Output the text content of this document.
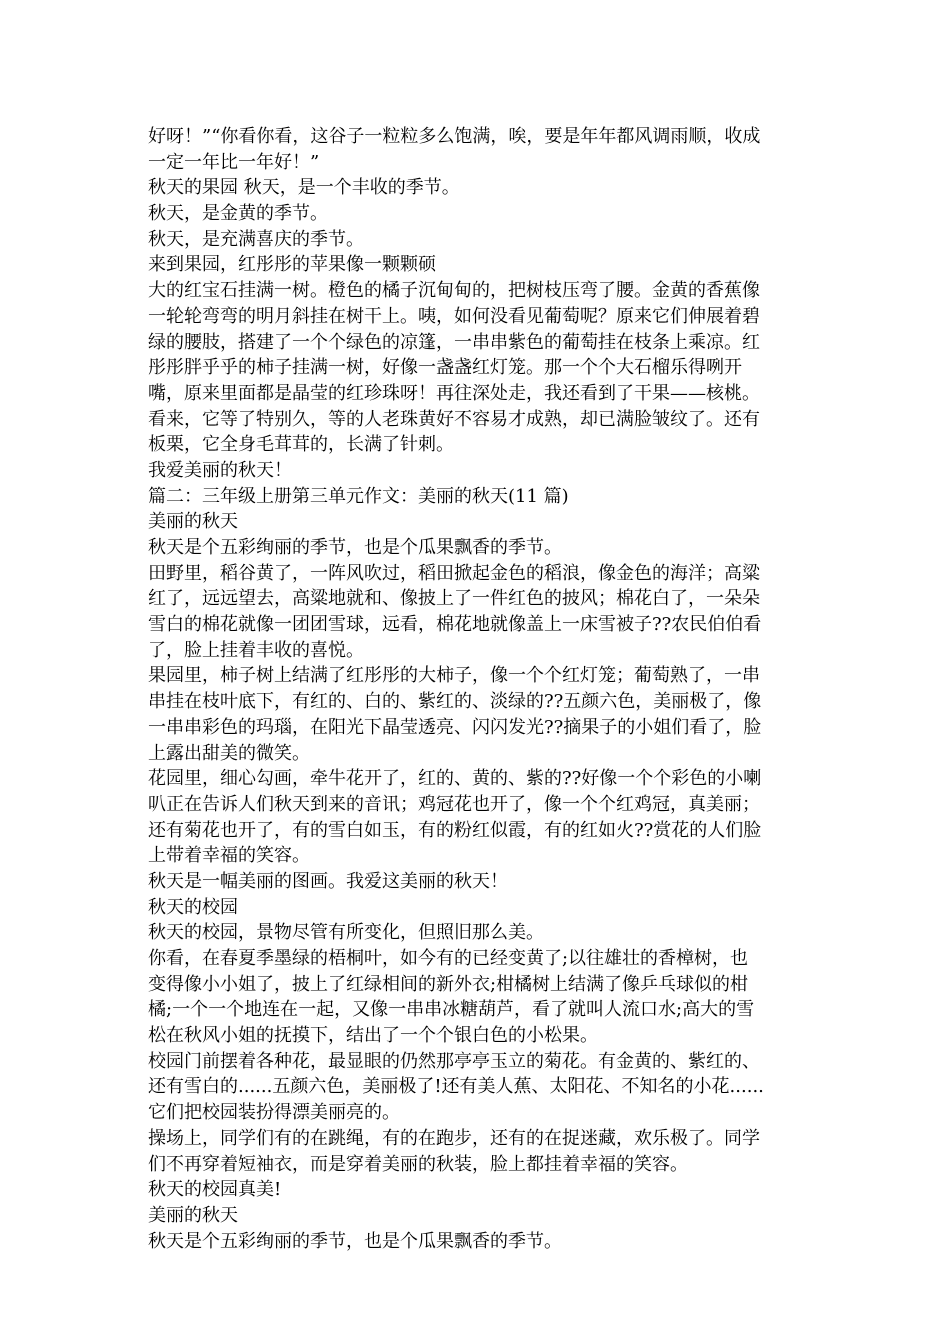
好呀！”“你看你看，这谷子一粒粒多么饱满，唉，要是年年都风调雨顺，收成
一定一年比一年好！”
秋天的果园 秋天，是一个丰收的季节。
秋天，是金黄的季节。
秋天，是充满喜庆的季节。
来到果园，红彤彤的苹果像一颗颗硕
大的红宝石挂满一树。橙色的橘子沉甸甸的，把树枝压弯了腰。金黄的香蕉像
一轮轮弯弯的明月斜挂在树干上。咦，如何没看见葡萄呢？原来它们伸展着碧
绿的腰肢，搭建了一个个绿色的凉篷，一串串紫色的葡萄挂在枝条上乘凉。红
彤彤胖乎乎的柿子挂满一树，好像一盏盏红灯笼。那一个个大石榴乐得咧开
嘴，原来里面都是晶莹的红珍珠呀！再往深处走，我还看到了干果——核桃。
看来，它等了特别久，等的人老珠黄好不容易才成熟，却已满脸皱纹了。还有
板栗，它全身毛茸茸的，长满了针刺。
我爱美丽的秋天！
篇二：三年级上册第三单元作文：美丽的秋天(11 篇)
美丽的秋天
秋天是个五彩绚丽的季节，也是个瓜果飘香的季节。
田野里，稻谷黄了，一阵风吹过，稻田掀起金色的稻浪，像金色的海洋；高粱
红了，远远望去，高粱地就和、像披上了一件红色的披风；棉花白了，一朵朵
雪白的棉花就像一团团雪球，远看，棉花地就像盖上一床雪被子??农民伯伯看
了，脸上挂着丰收的喜悦。
果园里，柿子树上结满了红彤彤的大柿子，像一个个红灯笼；葡萄熟了，一串
串挂在枝叶底下，有红的、白的、紫红的、淡绿的??五颜六色，美丽极了，像
一串串彩色的玛瑙，在阳光下晶莹透亮、闪闪发光??摘果子的小姐们看了，脸
上露出甜美的微笑。
花园里，细心勾画，牵牛花开了，红的、黄的、紫的??好像一个个彩色的小喇
叭正在告诉人们秋天到来的音讯；鸡冠花也开了，像一个个红鸡冠，真美丽；
还有菊花也开了，有的雪白如玉，有的粉红似霞，有的红如火??赏花的人们脸
上带着幸福的笑容。
秋天是一幅美丽的图画。我爱这美丽的秋天！
秋天的校园
秋天的校园，景物尽管有所变化，但照旧那么美。
你看，在春夏季墨绿的梧桐叶，如今有的已经变黄了;以往雄壮的香樟树，也
变得像小小姐了，披上了红绿相间的新外衣;柑橘树上结满了像乒乓球似的柑
橘;一个一个地连在一起，又像一串串冰糖葫芦，看了就叫人流口水;高大的雪
松在秋风小姐的抚摸下，结出了一个个银白色的小松果。
校园门前摆着各种花，最显眼的仍然那亭亭玉立的菊花。有金黄的、紫红的、
还有雪白的......五颜六色，美丽极了!还有美人蕉、太阳花、不知名的小花......
它们把校园装扮得漂美丽亮的。
操场上，同学们有的在跳绳，有的在跑步，还有的在捉迷藏，欢乐极了。同学
们不再穿着短袖衣，而是穿着美丽的秋装，脸上都挂着幸福的笑容。
秋天的校园真美!
美丽的秋天
秋天是个五彩绚丽的季节，也是个瓜果飘香的季节。
